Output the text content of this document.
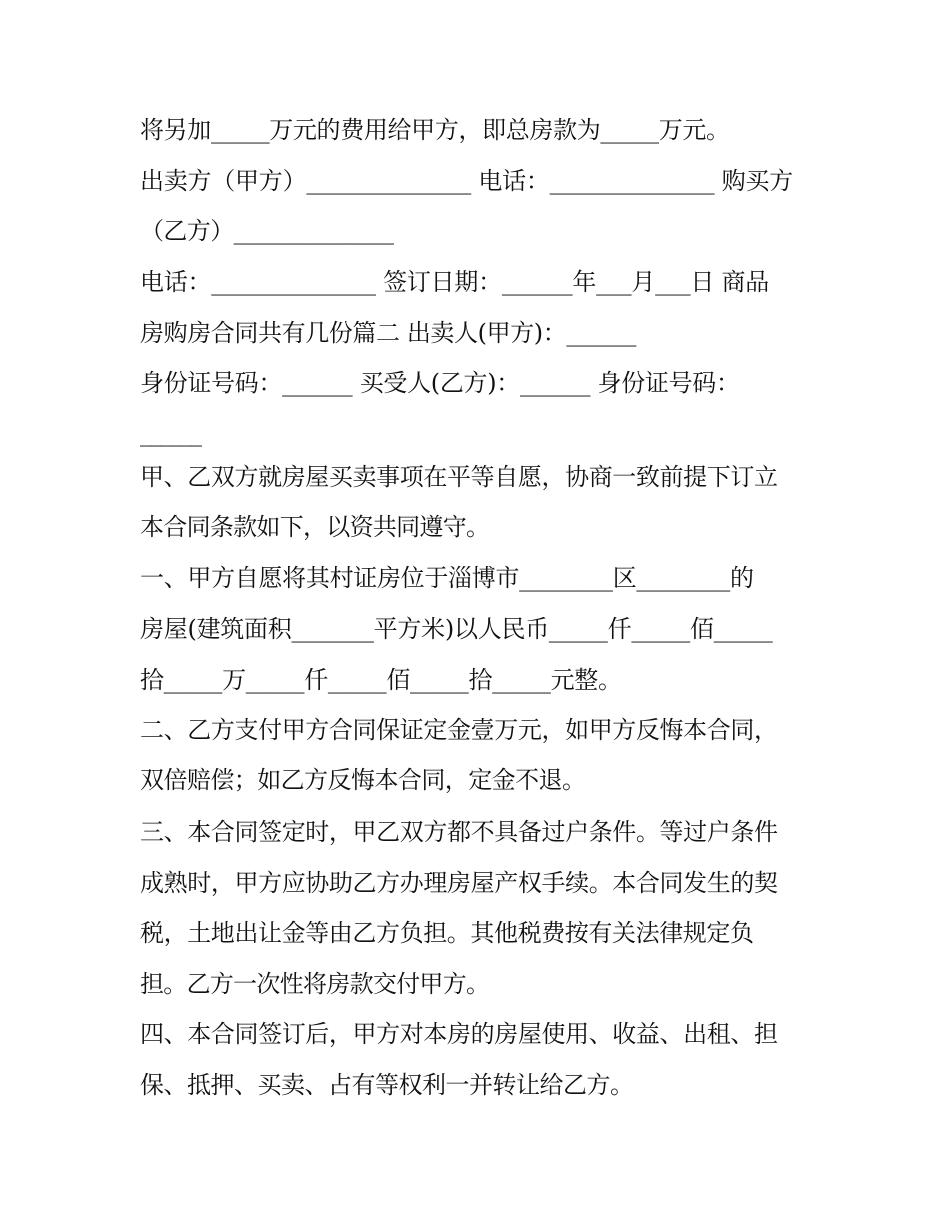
将另加_____万元的费用给甲方，即总房款为_____万元。
出卖方（甲方）______________ 电话：______________ 购买方
（乙方）______________
电话：______________ 签订日期：______年___月___日 商品
房购房合同共有几份篇二 出卖人(甲方)：______
身份证号码：______ 买受人(乙方)：______ 身份证号码：
______
甲、乙双方就房屋买卖事项在平等自愿，协商一致前提下订立
本合同条款如下，以资共同遵守。
一、甲方自愿将其村证房位于淄博市________区________的
房屋(建筑面积_______平方米)以人民币_____仟_____佰_____
拾_____万_____仟_____佰_____拾_____元整。
二、乙方支付甲方合同保证定金壹万元，如甲方反悔本合同，
双倍赔偿；如乙方反悔本合同，定金不退。
三、本合同签定时，甲乙双方都不具备过户条件。等过户条件
成熟时，甲方应协助乙方办理房屋产权手续。本合同发生的契
税，土地出让金等由乙方负担。其他税费按有关法律规定负
担。乙方一次性将房款交付甲方。
四、本合同签订后，甲方对本房的房屋使用、收益、出租、担
保、抵押、买卖、占有等权利一并转让给乙方。
